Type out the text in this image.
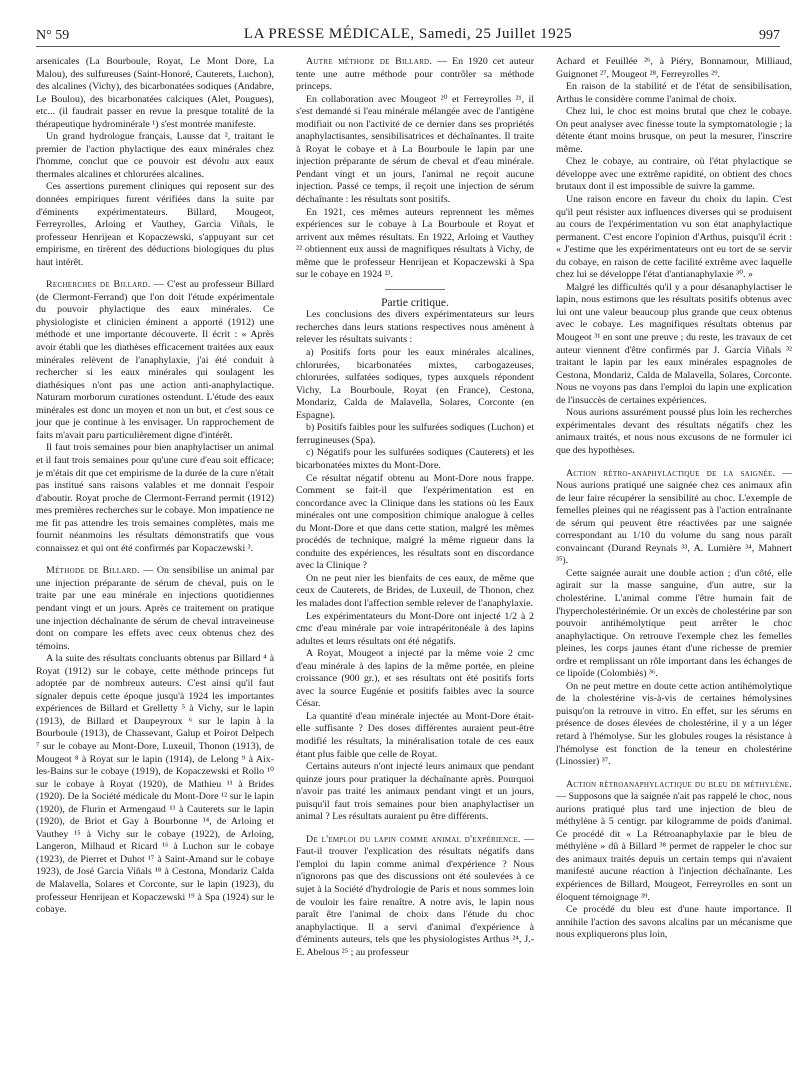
N° 59	LA PRESSE MÉDICALE, Samedi, 25 Juillet 1925	997

arsenicales (La Bourboule, Royat, Le Mont Dore, La Malou), des sulfureuses (Saint-Honoré, Cauterets, Luchon), des alcalines (Vichy), des bicarbonatées sodiques (Andabre, Le Boulou), des bicarbonatées calciques (Alet, Pougues), etc... (il faudrait passer en revue la presque totalité de la thérapeutique hydrominérale ¹) s'est montrée manifeste.

Un grand hydrologue français, Lausse dat ², traitant le premier de l'action phylactique des eaux minérales chez l'homme, conclut que ce pouvoir est dévolu aux eaux thermales alcalines et chlorurées alcalines.

Ces assertions purement cliniques qui reposent sur des données empiriques furent vérifiées dans la suite par d'éminents expérimentateurs. Billard, Mougeot, Ferreyrolles, Arloing et Vauthey, Garcia Viñals, le professeur Henrijean et Kopaczewski, s'appuyant sur cet empirisme, en tirèrent des déductions biologiques du plus haut intérêt.

Recherches de Billard. — C'est au professeur Billard (de Clermont-Ferrand) que l'on doit l'étude expérimentale du pouvoir phylactique des eaux minérales. Ce physiologiste et clinicien éminent a apporté (1912) une méthode et une importante découverte. Il écrit : « Après avoir établi que les diathèses efficacement traitées aux eaux minérales relèvent de l'anaphylaxie, j'ai été conduit à rechercher si les eaux minérales qui soulagent les diathésiques n'ont pas une action anti-anaphylactique. Naturam morborum curationes ostendunt. L'étude des eaux minérales est donc un moyen et non un but, et c'est sous ce jour que je continue à les envisager. Un rapprochement de faits m'avait paru particulièrement digne d'intérêt.

Il faut trois semaines pour bien anaphylactiser un animal et il faut trois semaines pour qu'une cure d'eau soit efficace; je m'étais dit que cet empirisme de la durée de la cure n'était pas institué sans raisons valables et me donnait l'espoir d'aboutir. Royat proche de Clermont-Ferrand permit (1912) mes premières recherches sur le cobaye. Mon impatience ne me fit pas attendre les trois semaines complètes, mais me fournit néanmoins les résultats démonstratifs que vous connaissez et qui ont été confirmés par Kopaczewski ³.

Méthode de Billard. — On sensibilise un animal par une injection préparante de sérum de cheval, puis on le traite par une eau minérale en injections quotidiennes pendant vingt et un jours. Après ce traitement on pratique une injection déchaînante de sérum de cheval intraveineuse dont on compare les effets avec ceux obtenus chez des témoins.

A la suite des résultats concluants obtenus par Billard ⁴ à Royat (1912) sur le cobaye, cette méthode princeps fut adoptée par de nombreux auteurs. C'est ainsi qu'il faut signaler depuis cette époque jusqu'à 1924 les importantes expériences de Billard et Grelletty ⁵ à Vichy, sur le lapin (1913), de Billard et Daupeyroux ⁶ sur le lapin à la Bourboule (1913), de Chassevant, Galup et Poirot Delpech ⁷ sur le cobaye au Mont-Dore, Luxeuil, Thonon (1913), de Mougeot ⁸ à Royat sur le lapin (1914), de Lelong ⁹ à Aix-les-Bains sur le cobaye (1919), de Kopaczewski et Rollo ¹⁰ sur le cobaye à Royat (1920), de Mathieu ¹¹ à Brides (1920). De la Société médicale du Mont-Dore ¹² sur le lapin (1920), de Flurin et Armengaud ¹³ à Cauterets sur le lapin (1920), de Briot et Gay à Bourbonne ¹⁴, de Arloing et Vauthey ¹⁵ à Vichy sur le cobaye (1922), de Arloing, Langeron, Milhaud et Ricard ¹⁶ à Luchon sur le cobaye (1923), de Pierret et Duhot ¹⁷ à Saint-Amand sur le cobaye 1923), de José Garcia Viñals ¹⁸ à Cestona, Mondariz Calda de Malavella, Solares et Corconte, sur le lapin (1923), du professeur Henrijean et Kopaczewski ¹⁹ à Spa (1924) sur le cobaye.

Autre méthode de Billard. — En 1920 cet auteur tente une autre méthode pour contrôler sa méthode princeps.

En collaboration avec Mougeot ²⁰ et Ferreyrolles ²¹, il s'est demandé si l'eau minérale mélangée avec de l'antigène modifiait ou non l'activité de ce dernier dans ses propriétés anaphylactisantes, sensibilisatrices et déchaînantes. Il traite à Royat le cobaye et à La Bourboule le lapin par une injection préparante de sérum de cheval et d'eau minérale. Pendant vingt et un jours, l'animal ne reçoit aucune injection. Passé ce temps, il reçoit une injection de sérum déchaînante : les résultats sont positifs.

En 1921, ces mêmes auteurs reprennent les mêmes expériences sur le cobaye à La Bourboule et Royat et arrivent aux mêmes résultats. En 1922, Arloing et Vauthey ²² obtiennent eux aussi de magnifiques résultats à Vichy, de même que le professeur Henrijean et Kopaczewski à Spa sur le cobaye en 1924 ²³.

Partie critique.

Les conclusions des divers expérimentateurs sur leurs recherches dans leurs stations respectives nous amènent à relever les résultats suivants :

a) Positifs forts pour les eaux minérales alcalines, chlorurées, bicarbonatées mixtes, carbogazeuses, chlorurées, sulfatées sodiques, types auxquels répondent Vichy, La Bourboule, Royat (en France), Cestona, Mondariz, Calda de Malavella, Solares, Corconte (en Espagne).

b) Positifs faibles pour les sulfurées sodiques (Luchon) et ferrugineuses (Spa).

c) Négatifs pour les sulfurées sodiques (Cauterets) et les bicarbonatées mixtes du Mont-Dore.

Ce résultat négatif obtenu au Mont-Dore nous frappe. Comment se fait-il que l'expérimentation est en concordance avec la Clinique dans les stations où les Eaux minérales ont une composition chimique analogue à celles du Mont-Dore et que dans cette station, malgré les mêmes procédés de technique, malgré la même rigueur dans la conduite des expériences, les résultats sont en discordance avec la Clinique ?

On ne peut nier les bienfaits de ces eaux, de même que ceux de Cauterets, de Brides, de Luxeuil, de Thonon, chez les malades dont l'affection semble relever de l'anaphylaxie.

Les expérimentateurs du Mont-Dore ont injecté 1/2 à 2 cmc d'eau minérale par voie intrapéritonéale à des lapins adultes et leurs résultats ont été négatifs.

A Royat, Mougeot a injecté par la même voie 2 cmc d'eau minérale à des lapins de la même portée, en pleine croissance (900 gr.), et ses résultats ont été positifs forts avec la source Eugénie et positifs faibles avec la source César.

La quantité d'eau minérale injectée au Mont-Dore était-elle suffisante ? Des doses différentes auraient peut-être modifié les résultats, la minéralisation totale de ces eaux étant plus faible que celle de Royat.

Certains auteurs n'ont injecté leurs animaux que pendant quinze jours pour pratiquer la déchaînante après. Pourquoi n'avoir pas traité les animaux pendant vingt et un jours, puisqu'il faut trois semaines pour bien anaphylactiser un animal ? Les résultats auraient pu être différents.

De l'emploi du lapin comme animal d'expérience. — Faut-il trouver l'explication des résultats négatifs dans l'emploi du lapin comme animal d'expérience ? Nous n'ignorons pas que des discussions ont été soulevées à ce sujet à la Société d'hydrologie de Paris et nous sommes loin de vouloir les faire renaître. A notre avis, le lapin nous paraît être l'animal de choix dans l'étude du choc anaphylactique. Il a servi d'animal d'expérience à d'éminents auteurs, tels que les physiologistes Arthus ²⁴, J.-E. Abelous ²⁵ ; au professeur

Achard et Feuillée ²⁶, à Piéry, Bonnamour, Milliaud, Guignonet ²⁷, Mougeot ²⁸, Ferreyrolles ²⁹.

En raison de la stabilité et de l'état de sensibilisation, Arthus le considère comme l'animal de choix.

Chez lui, le choc est moins brutal que chez le cobaye. On peut analyser avec finesse toute la symptomatologie ; la détente étant moins brusque, on peut la mesurer, l'inscrire même.

Chez le cobaye, au contraire, où l'état phylactique se développe avec une extrême rapidité, on obtient des chocs brutaux dont il est impossible de suivre la gamme.

Une raison encore en faveur du choix du lapin. C'est qu'il peut résister aux influences diverses qui se produisent au cours de l'expérimentation vu son état anaphylactique permanent. C'est encore l'opinion d'Arthus, puisqu'il écrit : « J'estime que les expérimentateurs ont eu tort de se servir du cobaye, en raison de cette facilité extrême avec laquelle chez lui se développe l'état d'antianaphylaxie ³⁰. »

Malgré les difficultés qu'il y a pour désanaphylactiser le lapin, nous estimons que les résultats positifs obtenus avec lui ont une valeur beaucoup plus grande que ceux obtenus avec le cobaye. Les magnifiques résultats obtenus par Mougeot ³¹ en sont une preuve ; du reste, les travaux de cet auteur viennent d'être confirmés par J. Garcia Viñals ³² traitant le lapin par les eaux minérales espagnoles de Cestona, Mondariz, Calda de Malavella, Solares, Corconte. Nous ne voyons pas dans l'emploi du lapin une explication de l'insuccès de certaines expériences.

Nous aurions assurément poussé plus loin les recherches expérimentales devant des résultats négatifs chez les animaux traités, et nous nous excusons de ne formuler ici que des hypothèses.

Action rétro-anaphylactique de la saignée. — Nous aurions pratiqué une saignée chez ces animaux afin de leur faire récupérer la sensibilité au choc. L'exemple de femelles pleines qui ne réagissent pas à l'action entraînante de sérum qui peuvent être réactivées par une saignée correspondant au 1/10 du volume du sang nous paraît convaincant (Durand Reynals ³³, A. Lumière ³⁴, Mahnert ³⁵).

Cette saignée aurait une double action ; d'un côté, elle agirait sur la masse sanguine, d'un autre, sur la cholestérine. L'animal comme l'être humain fait de l'hypercholestérinémie. Or un excès de cholestérine par son pouvoir antihémolytique peut arrêter le choc anaphylactique. On retrouve l'exemple chez les femelles pleines, les corps jaunes étant d'une richesse de premier ordre et remplissant un rôle important dans les échanges de ce lipoïde (Colombiès) ³⁶.

On ne peut mettre en doute cette action antihémolytique de la cholestérine vis-à-vis de certaines hémolysines puisqu'on la retrouve in vitro. En effet, sur les sérums en présence de doses élevées de cholestérine, il y a un léger retard à l'hémolyse. Sur les globules rouges la résistance à l'hémolyse est fonction de la teneur en cholestérine (Linossier) ³⁷.

Action rétroanaphylactique du bleu de méthylène. — Supposons que la saignée n'ait pas rappelé le choc, nous aurions pratiqué plus tard une injection de bleu de méthylène à 5 centigr. par kilogramme de poids d'animal. Ce procédé dit « La Rétroanaphylaxie par le bleu de méthylène » dû à Billard ³⁸ permet de rappeler le choc sur des animaux traités depuis un certain temps qui n'avaient manifesté aucune réaction à l'injection déchaînante. Les expériences de Billard, Mougeot, Ferreyrolles en sont un éloquent témoignage ³⁹.

Ce procédé du bleu est d'une haute importance. Il annihile l'action des savons alcalins par un mécanisme que nous expliquerons plus loin,
